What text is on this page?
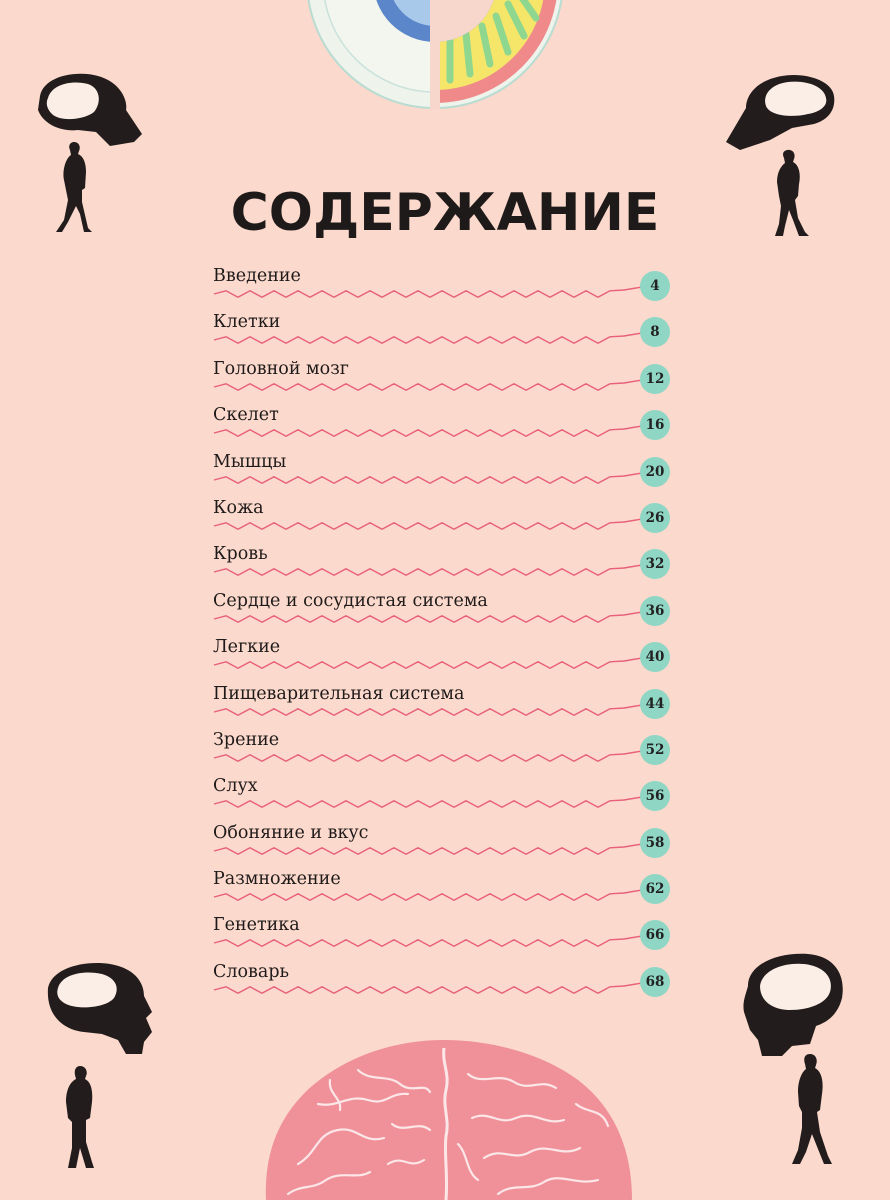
СОДЕРЖАНИЕ
Введение	4
Клетки	8
Головной мозг	12
Скелет	16
Мышцы	20
Кожа	26
Кровь	32
Сердце и сосудистая система	36
Легкие	40
Пищеварительная система	44
Зрение	52
Слух	56
Обоняние и вкус	58
Размножение	62
Генетика	66
Словарь	68
